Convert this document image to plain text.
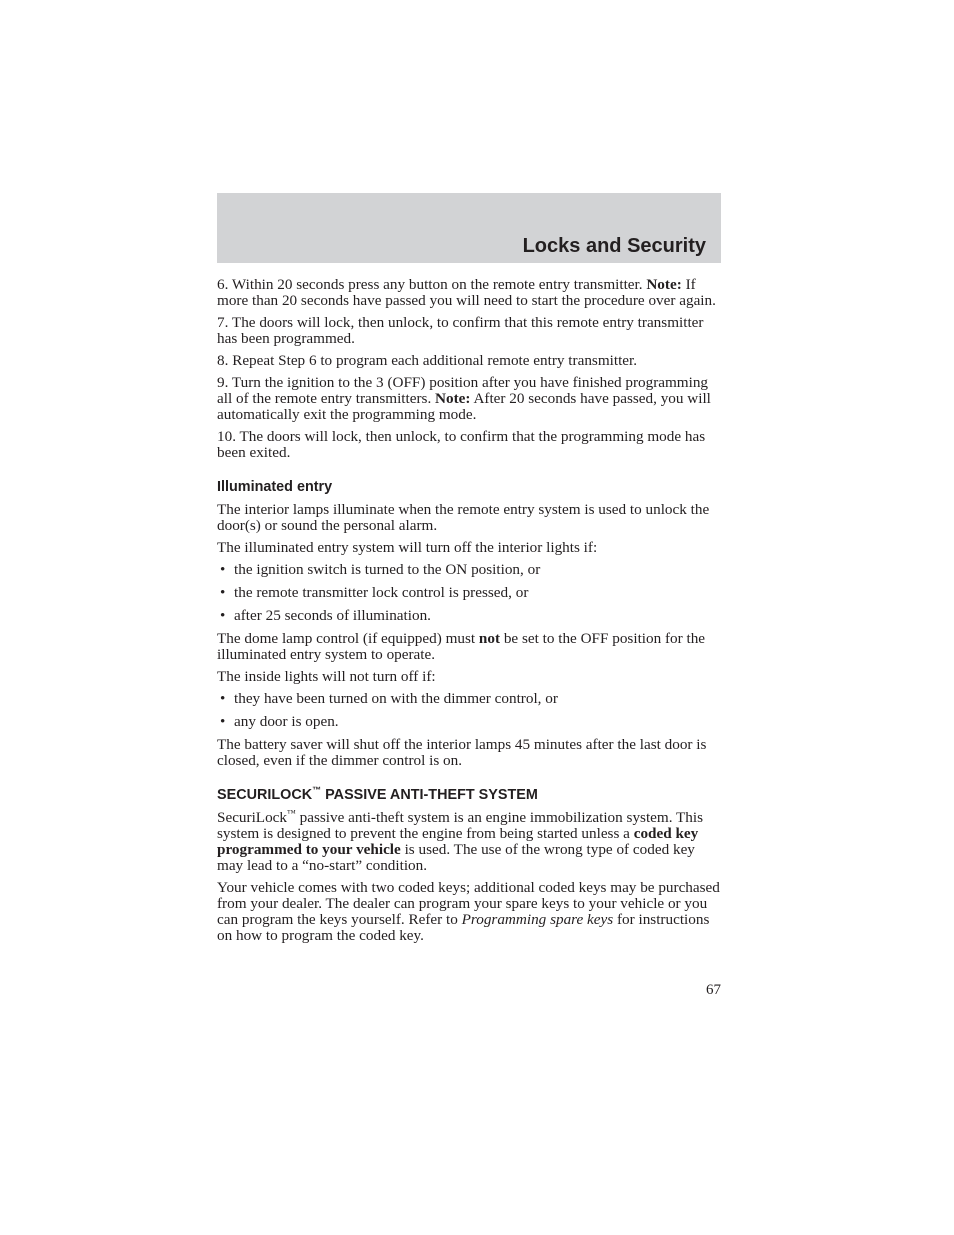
Locks and Security

6. Within 20 seconds press any button on the remote entry transmitter. Note: If more than 20 seconds have passed you will need to start the procedure over again.

7. The doors will lock, then unlock, to confirm that this remote entry transmitter has been programmed.

8. Repeat Step 6 to program each additional remote entry transmitter.

9. Turn the ignition to the 3 (OFF) position after you have finished programming all of the remote entry transmitters. Note: After 20 seconds have passed, you will automatically exit the programming mode.

10. The doors will lock, then unlock, to confirm that the programming mode has been exited.

Illuminated entry

The interior lamps illuminate when the remote entry system is used to unlock the door(s) or sound the personal alarm.

The illuminated entry system will turn off the interior lights if:

• the ignition switch is turned to the ON position, or
• the remote transmitter lock control is pressed, or
• after 25 seconds of illumination.

The dome lamp control (if equipped) must not be set to the OFF position for the illuminated entry system to operate.

The inside lights will not turn off if:

• they have been turned on with the dimmer control, or
• any door is open.

The battery saver will shut off the interior lamps 45 minutes after the last door is closed, even if the dimmer control is on.

SECURILOCK™ PASSIVE ANTI-THEFT SYSTEM

SecuriLock™ passive anti-theft system is an engine immobilization system. This system is designed to prevent the engine from being started unless a coded key programmed to your vehicle is used. The use of the wrong type of coded key may lead to a “no-start” condition.

Your vehicle comes with two coded keys; additional coded keys may be purchased from your dealer. The dealer can program your spare keys to your vehicle or you can program the keys yourself. Refer to Programming spare keys for instructions on how to program the coded key.

67
